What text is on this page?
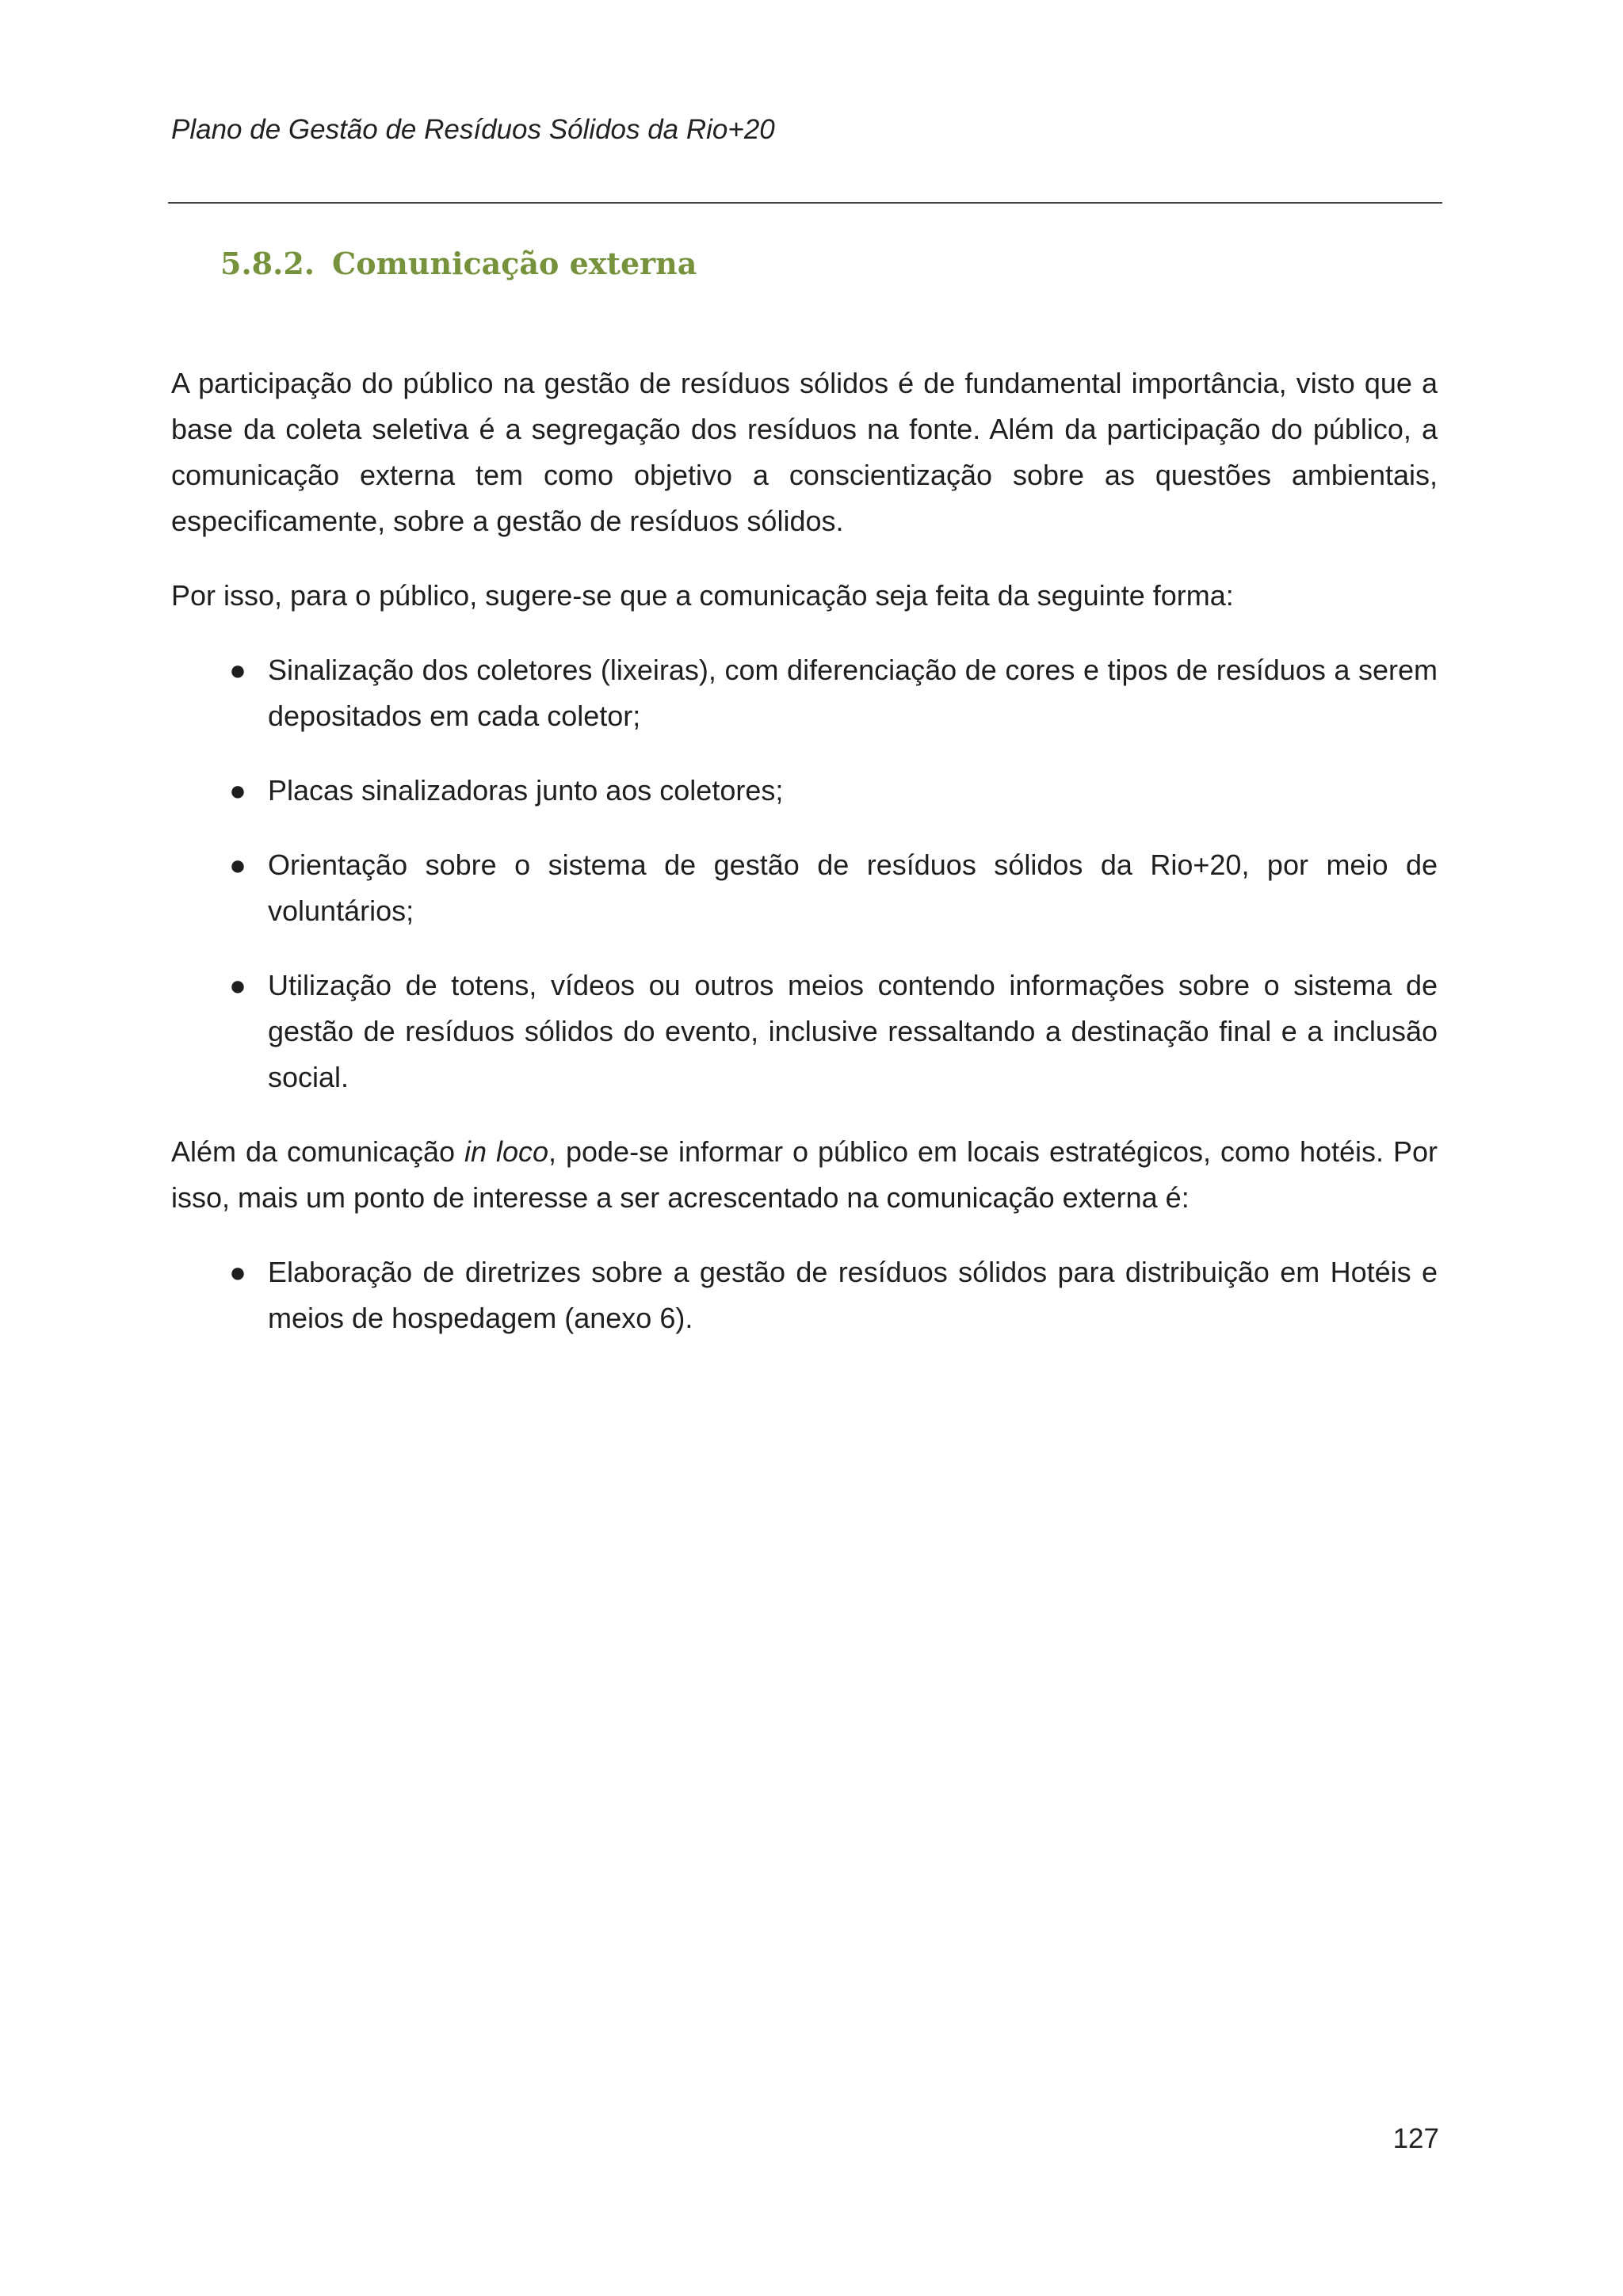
Plano de Gestão de Resíduos Sólidos da Rio+20
5.8.2. Comunicação externa

A participação do público na gestão de resíduos sólidos é de fundamental importância, visto que a base da coleta seletiva é a segregação dos resíduos na fonte. Além da participação do público, a comunicação externa tem como objetivo a conscientização sobre as questões ambientais, especificamente, sobre a gestão de resíduos sólidos.

Por isso, para o público, sugere-se que a comunicação seja feita da seguinte forma:

● Sinalização dos coletores (lixeiras), com diferenciação de cores e tipos de resíduos a serem depositados em cada coletor;
● Placas sinalizadoras junto aos coletores;
● Orientação sobre o sistema de gestão de resíduos sólidos da Rio+20, por meio de voluntários;
● Utilização de totens, vídeos ou outros meios contendo informações sobre o sistema de gestão de resíduos sólidos do evento, inclusive ressaltando a destinação final e a inclusão social.

Além da comunicação in loco, pode-se informar o público em locais estratégicos, como hotéis. Por isso, mais um ponto de interesse a ser acrescentado na comunicação externa é:

● Elaboração de diretrizes sobre a gestão de resíduos sólidos para distribuição em Hotéis e meios de hospedagem (anexo 6).
127
